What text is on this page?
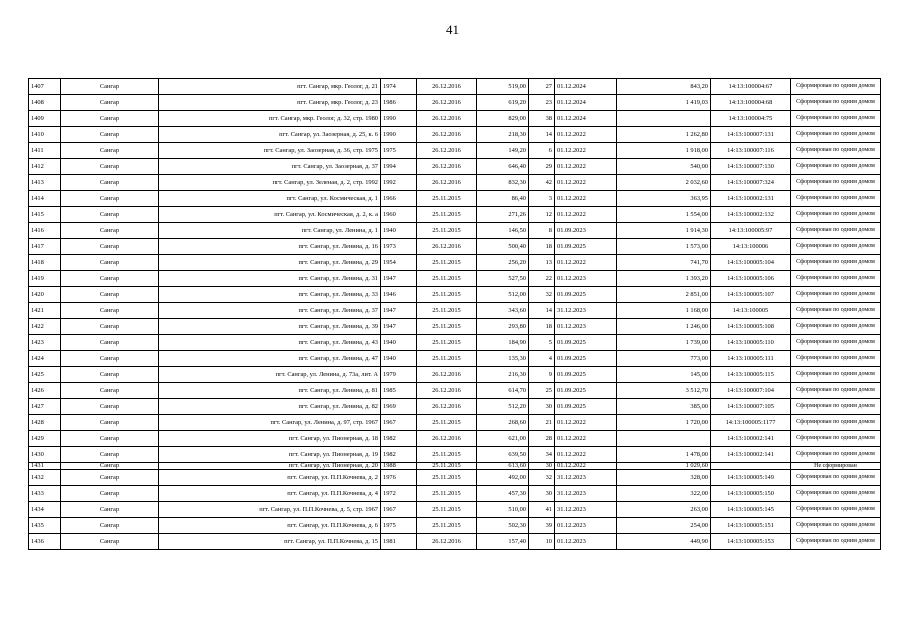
41
1407	Сангар	пгт. Сангар, мкр. Геолог, д. 21	1974	26.12.2016	519,00	27	01.12.2024	843,20	14:13:100004:67	Сформирован по одним домом
1408	Сангар	пгт. Сангар, мкр. Геолог, д. 23	1986	26.12.2016	619,20	23	01.12.2024	1 419,03	14:13:100004:68	Сформирован по одним домом
1409	Сангар	пгт. Сангар, мкр. Геолог, д. 32, стр. 1980	1990	26.12.2016	829,00	38	01.12.2024		14:13:100004:75	Сформирован по одним домом
1410	Сангар	пгт. Сангар, ул. Заозерная, д. 25, к. 6	1990	26.12.2016	218,30	14	01.12.2022	1 262,80	14:13:100007:131	Сформирован по одним домом
1411	Сангар	пгт. Сангар, ул. Заозерная, д. 36, стр. 1975	1975	26.12.2016	149,20	6	01.12.2022	1 918,00	14:13:100007:116	Сформирован по одним домом
1412	Сангар	пгт. Сангар, ул. Заозерная, д. 37	1994	26.12.2016	646,40	29	01.12.2022	540,00	14:13:100007:130	Сформирован по одним домом
1413	Сангар	пгт. Сангар, ул. Зеленая, д. 2, стр. 1992	1992	26.12.2016	832,30	42	01.12.2022	2 032,60	14:13:100007:324	Сформирован по одним домом
1414	Сангар	пгт. Сангар, ул. Космическая, д. 1	1966	25.11.2015	86,40	3	01.12.2022	363,95	14:13:100002:131	Сформирован по одним домом
1415	Сангар	пгт. Сангар, ул. Космическая, д. 2, к. а	1960	25.11.2015	271,26	12	01.12.2022	1 554,00	14:13:100002:132	Сформирован по одним домом
1416	Сангар	пгт. Сангар, ул. Ленина, д. 1	1940	25.11.2015	146,50	8	01.09.2023	1 914,30	14:13:100005:97	Сформирован по одним домом
1417	Сангар	пгт. Сангар, ул. Ленина, д. 16	1973	26.12.2016	500,40	18	01.09.2025	1 573,00	14:13:100006	Сформирован по одним домом
1418	Сангар	пгт. Сангар, ул. Ленина, д. 29	1954	25.11.2015	256,20	13	01.12.2022	741,70	14:13:100005:104	Сформирован по одним домом
1419	Сангар	пгт. Сангар, ул. Ленина, д. 31	1947	25.11.2015	527,50	22	01.12.2023	1 393,20	14:13:100005:106	Сформирован по одним домом
1420	Сангар	пгт. Сангар, ул. Ленина, д. 33	1946	25.11.2015	512,00	32	01.09.2025	2 851,00	14:13:100005:107	Сформирован по одним домом
1421	Сангар	пгт. Сангар, ул. Ленина, д. 37	1947	25.11.2015	343,60	14	31.12.2023	1 168,00	14:13:100005	Сформирован по одним домом
1422	Сангар	пгт. Сангар, ул. Ленина, д. 39	1947	25.11.2015	293,80	18	01.12.2023	1 246,00	14:13:100005:108	Сформирован по одним домом
1423	Сангар	пгт. Сангар, ул. Ленина, д. 43	1940	25.11.2015	184,90	5	01.09.2025	1 739,00	14:13:100005:110	Сформирован по одним домом
1424	Сангар	пгт. Сангар, ул. Ленина, д. 47	1940	25.11.2015	135,30	4	01.09.2025	773,00	14:13:100005:111	Сформирован по одним домом
1425	Сангар	пгт. Сангар, ул. Ленина, д. 73а, лит. А	1979	26.12.2016	216,30	9	01.09.2025	145,00	14:13:100005:115	Сформирован по одним домом
1426	Сангар	пгт. Сангар, ул. Ленина, д. 81	1985	26.12.2016	614,70	25	01.09.2025	3 512,70	14:13:100007:104	Сформирован по одним домом
1427	Сангар	пгт. Сангар, ул. Ленина, д. 82	1969	26.12.2016	512,20	30	01.09.2025	385,00	14:13:100007:105	Сформирован по одним домом
1428	Сангар	пгт. Сангар, ул. Ленина, д. 97, стр. 1967	1967	25.11.2015	268,60	21	01.12.2022	1 720,00	14:13:100005:1177	Сформирован по одним домом
1429	Сангар	пгт. Сангар, ул. Пионерная, д. 18	1982	26.12.2016	621,00	28	01.12.2022		14:13:100002:141	Сформирован по одним домом
1430	Сангар	пгт. Сангар, ул. Пионерная, д. 19	1982	25.11.2015	639,50	34	01.12.2022	1 478,00	14:13:100002:141	Сформирован по одним домом
1431	Сангар	пгт. Сангар, ул. Пионерная, д. 20	1988	25.11.2015	613,60	30	01.12.2022	1 029,60		Не сформирован
1432	Сангар	пгт. Сангар, ул. П.П.Кочнева, д. 2	1976	25.11.2015	492,00	32	31.12.2023	328,00	14:13:100005:149	Сформирован по одним домом
1433	Сангар	пгт. Сангар, ул. П.П.Кочнева, д. 4	1972	25.11.2015	457,30	30	31.12.2023	322,00	14:13:100005:150	Сформирован по одним домом
1434	Сангар	пгт. Сангар, ул. П.П.Кочнева, д. 5, стр. 1967	1967	25.11.2015	510,00	41	31.12.2023	263,00	14:13:100005:145	Сформирован по одним домом
1435	Сангар	пгт. Сангар, ул. П.П.Кочнева, д. 6	1975	25.11.2015	502,30	39	01.12.2023	254,00	14:13:100005:151	Сформирован по одним домом
1436	Сангар	пгт. Сангар, ул. П.П.Кочнева, д. 15	1981	26.12.2016	157,40	10	01.12.2023	449,90	14:13:100005:153	Сформирован по одним домом
